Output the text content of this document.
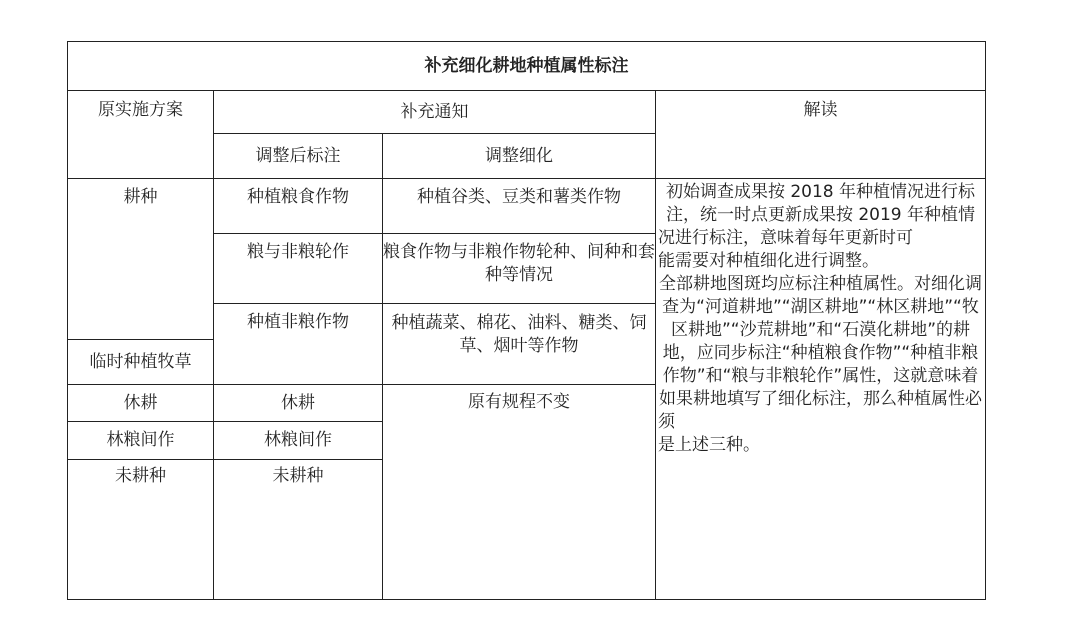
补充细化耕地种植属性标注			
原实施方案	补充通知		解读
	调整后标注	调整细化	
耕种	种植粮食作物	种植谷类、豆类和薯类作物	初始调查成果按 2018 年种植情况进行标注，统一时点更新成果按 2019 年种植情况进行标注，意味着每年更新时可
能需要对种植细化进行调整。
全部耕地图斑均应标注种植属性。对细化调查为“河道耕地”“湖区耕地”“林区耕地”“牧区耕地”“沙荒耕地”和“石漠化耕地”的耕地，应同步标注“种植粮食作物”“种植非粮作物”和“粮与非粮轮作”属性，这就意味着如果耕地填写了细化标注，那么种植属性必须
是上述三种。

	粮与非粮轮作	粮食作物与非粮作物轮种、间种和套种等情况	
	种植非粮作物	种植蔬菜、棉花、油料、糖类、饲草、烟叶等作物	
临时种植牧草			
休耕	休耕	原有规程不变	
林粮间作	林粮间作		
未耕种	未耕种		
